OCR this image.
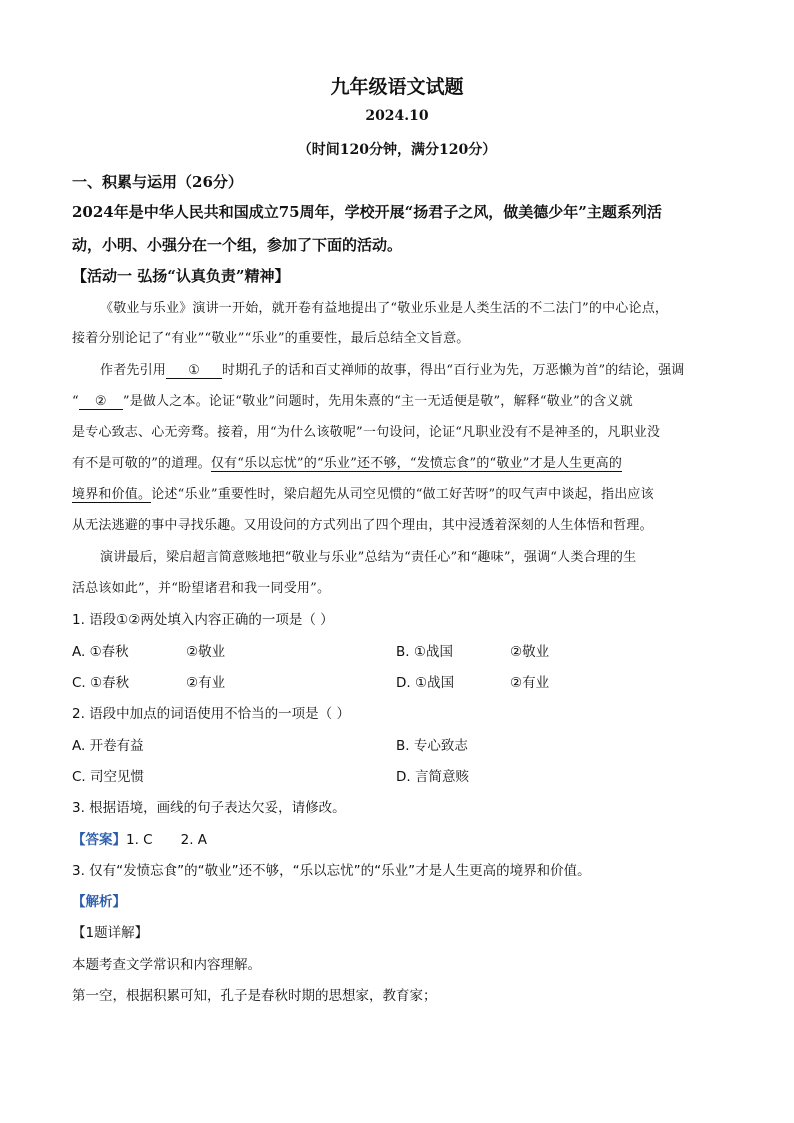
九年级语文试题
2024.10
（时间120分钟，满分120分）
一、积累与运用（26分）
2024年是中华人民共和国成立75周年，学校开展“扬君子之风，做美德少年”主题系列活
动，小明、小强分在一个组，参加了下面的活动。
【活动一 弘扬“认真负责”精神】
《敬业与乐业》演讲一开始，就开卷有益地提出了“敬业乐业是人类生活的不二法门”的中心论点，
接着分别论记了“有业”“敬业”“乐业”的重要性，最后总结全文旨意。
作者先引用 ① 时期孔子的话和百丈禅师的故事，得出“百行业为先，万恶懒为首”的结论，强调
“ ② ”是做人之本。论证“敬业”问题时，先用朱熹的“主一无适便是敬”，解释“敬业”的含义就
是专心致志、心无旁骛。接着，用“为什么该敬呢”一句设问，论证“凡职业没有不是神圣的，凡职业没
有不是可敬的”的道理。仅有“乐以忘忧”的“乐业”还不够，“发愤忘食”的“敬业”才是人生更高的
境界和价值。论述“乐业”重要性时，梁启超先从司空见惯的“做工好苦呀”的叹气声中谈起，指出应该
从无法逃避的事中寻找乐趣。又用设问的方式列出了四个理由，其中浸透着深刻的人生体悟和哲理。
演讲最后，梁启超言简意赅地把“敬业与乐业”总结为“责任心”和“趣味”，强调“人类合理的生
活总该如此”，并“盼望诸君和我一同受用”。
1. 语段①②两处填入内容正确的一项是（ ）
A. ①春秋	②敬业	B. ①战国	②敬业
C. ①春秋	②有业	D. ①战国	②有业
2. 语段中加点的词语使用不恰当的一项是（ ）
A. 开卷有益	B. 专心致志
C. 司空见惯	D. 言简意赅
3. 根据语境，画线的句子表达欠妥，请修改。
【答案】1. C 2. A
3. 仅有“发愤忘食”的“敬业”还不够，“乐以忘忧”的“乐业”才是人生更高的境界和价值。
【解析】
【1题详解】
本题考查文学常识和内容理解。
第一空，根据积累可知，孔子是春秋时期的思想家，教育家；
